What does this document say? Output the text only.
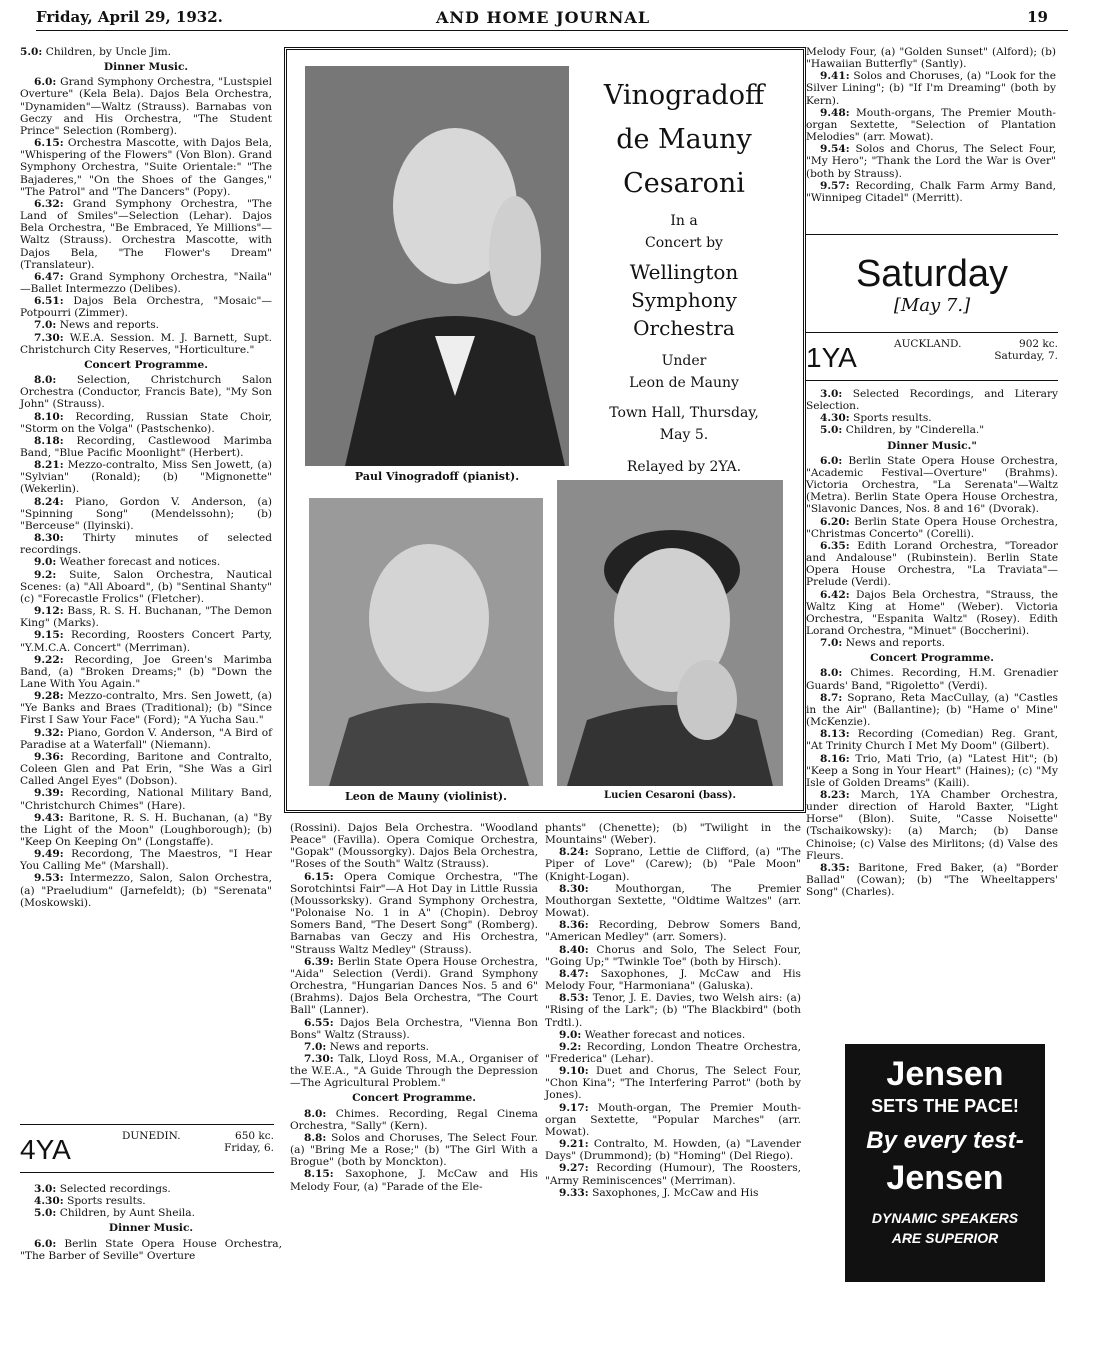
Friday, April 29, 1932.	AND HOME JOURNAL	19

5.0: Children, by Uncle Jim.

Dinner Music.

6.0: Grand Symphony Orchestra, "Lustspiel Overture" (Kela Bela). Dajos Bela Orchestra, "Dynamiden"—Waltz (Strauss). Barnabas von Geczy and His Orchestra, "The Student Prince" Selection (Romberg).

6.15: Orchestra Mascotte, with Dajos Bela, "Whispering of the Flowers" (Von Blon). Grand Symphony Orchestra, "Suite Orientale:" "The Bajaderes," "On the Shoes of the Ganges," "The Patrol" and "The Dancers" (Popy).

6.32: Grand Symphony Orchestra, "The Land of Smiles"—Selection (Lehar). Dajos Bela Orchestra, "Be Embraced, Ye Millions"—Waltz (Strauss). Orchestra Mascotte, with Dajos Bela, "The Flower's Dream" (Translateur).

6.47: Grand Symphony Orchestra, "Naila" —Ballet Intermezzo (Delibes).

6.51: Dajos Bela Orchestra, "Mosaic"—Potpourri (Zimmer).

7.0: News and reports.

7.30: W.E.A. Session. M. J. Barnett, Supt. Christchurch City Reserves, "Horticulture."

Concert Programme.

8.0: Selection, Christchurch Salon Orchestra (Conductor, Francis Bate), "My Son John" (Strauss).

8.10: Recording, Russian State Choir, "Storm on the Volga" (Pastschenko).

8.18: Recording, Castlewood Marimba Band, "Blue Pacific Moonlight" (Herbert).

8.21: Mezzo-contralto, Miss Sen Jowett, (a) "Sylvian" (Ronald); (b) "Mignonette" (Wekerlin).

8.24: Piano, Gordon V. Anderson, (a) "Spinning Song" (Mendelssohn); (b) "Berceuse" (Ilyinski).

8.30: Thirty minutes of selected recordings.

9.0: Weather forecast and notices.

9.2: Suite, Salon Orchestra, Nautical Scenes: (a) "All Aboard", (b) "Sentinal Shanty" (c) "Forecastle Frolics" (Fletcher).

9.12: Bass, R. S. H. Buchanan, "The Demon King" (Marks).

9.15: Recording, Roosters Concert Party, "Y.M.C.A. Concert" (Merriman).

9.22: Recording, Joe Green's Marimba Band, (a) "Broken Dreams;" (b) "Down the Lane With You Again."

9.28: Mezzo-contralto, Mrs. Sen Jowett, (a) "Ye Banks and Braes (Traditional); (b) "Since First I Saw Your Face" (Ford); "A Yucha Sau."

9.32: Piano, Gordon V. Anderson, "A Bird of Paradise at a Waterfall" (Niemann).

9.36: Recording, Baritone and Contralto, Coleen Glen and Pat Erin, "She Was a Girl Called Angel Eyes" (Dobson).

9.39: Recording, National Military Band, "Christchurch Chimes" (Hare).

9.43: Baritone, R. S. H. Buchanan, (a) "By the Light of the Moon" (Loughborough); (b) "Keep On Keeping On" (Longstaffe).

9.49: Recordong, The Maestros, "I Hear You Calling Me" (Marshall).

9.53: Intermezzo, Salon, Salon Orchestra, (a) "Praeludium" (Jarnefeldt); (b) "Serenata" (Moskowski).

4YA	DUNEDIN.	650 kc.
Friday, 6.

3.0: Selected recordings.

4.30: Sports results.

5.0: Children, by Aunt Sheila.

Dinner Music.

6.0: Berlin State Opera House Orchestra, "The Barber of Seville" Overture

Paul Vinogradoff (pianist).
Vinogradoff
de Mauny
Cesaroni
In a
Concert by
Wellington
Symphony
Orchestra
Under
Leon de Mauny
Town Hall, Thursday,
May 5.
Relayed by 2YA.
Leon de Mauny (violinist).	Lucien Cesaroni (bass).

(Rossini). Dajos Bela Orchestra. "Woodland Peace" (Favilla). Opera Comique Orchestra, "Gopak" (Moussorgky). Dajos Bela Orchestra, "Roses of the South" Waltz (Strauss).

6.15: Opera Comique Orchestra, "The Sorotchintsi Fair"—A Hot Day in Little Russia (Moussorksky). Grand Symphony Orchestra, "Polonaise No. 1 in A" (Chopin). Debroy Somers Band, "The Desert Song" (Romberg). Barnabas van Geczy and His Orchestra, "Strauss Waltz Medley" (Strauss).

6.39: Berlin State Opera House Orchestra, "Aida" Selection (Verdi). Grand Symphony Orchestra, "Hungarian Dances Nos. 5 and 6" (Brahms). Dajos Bela Orchestra, "The Court Ball" (Lanner).

6.55: Dajos Bela Orchestra, "Vienna Bon Bons" Waltz (Strauss).

7.0: News and reports.

7.30: Talk, Lloyd Ross, M.A., Organiser of the W.E.A., "A Guide Through the Depression—The Agricultural Problem."

Concert Programme.

8.0: Chimes. Recording, Regal Cinema Orchestra, "Sally" (Kern).

8.8: Solos and Choruses, The Select Four. (a) "Bring Me a Rose;" (b) "The Girl With a Brogue" (both by Monckton).

8.15: Saxophone, J. McCaw and His Melody Four, (a) "Parade of the Ele-

phants" (Chenette); (b) "Twilight in the Mountains" (Weber).

8.24: Soprano, Lettie de Clifford, (a) "The Piper of Love" (Carew); (b) "Pale Moon" (Knight-Logan).

8.30: Mouthorgan, The Premier Mouthorgan Sextette, "Oldtime Waltzes" (arr. Mowat).

8.36: Recording, Debrow Somers Band, "American Medley" (arr. Somers).

8.40: Chorus and Solo, The Select Four, "Going Up;" "Twinkle Toe" (both by Hirsch).

8.47: Saxophones, J. McCaw and His Melody Four, "Harmoniana" (Galuska).

8.53: Tenor, J. E. Davies, two Welsh airs: (a) "Rising of the Lark"; (b) "The Blackbird" (both Trdtl.).

9.0: Weather forecast and notices.

9.2: Recording, London Theatre Orchestra, "Frederica" (Lehar).

9.10: Duet and Chorus, The Select Four, "Chon Kina"; "The Interfering Parrot" (both by Jones).

9.17: Mouth-organ, The Premier Mouth-organ Sextette, "Popular Marches" (arr. Mowat).

9.21: Contralto, M. Howden, (a) "Lavender Days" (Drummond); (b) "Homing" (Del Riego).

9.27: Recording (Humour), The Roosters, "Army Reminiscences" (Merriman).

9.33: Saxophones, J. McCaw and His

Melody Four, (a) "Golden Sunset" (Alford); (b) "Hawaiian Butterfly" (Santly).

9.41: Solos and Choruses, (a) "Look for the Silver Lining"; (b) "If I'm Dreaming" (both by Kern).

9.48: Mouth-organs, The Premier Mouth-organ Sextette, "Selection of Plantation Melodies" (arr. Mowat).

9.54: Solos and Chorus, The Select Four, "My Hero"; "Thank the Lord the War is Over" (both by Strauss).

9.57: Recording, Chalk Farm Army Band, "Winnipeg Citadel" (Merritt).

Saturday
[May 7.]
1YA	AUCKLAND.	902 kc.
Saturday, 7.

3.0: Selected Recordings, and Literary Selection.

4.30: Sports results.

5.0: Children, by "Cinderella."

Dinner Music."

6.0: Berlin State Opera House Orchestra, "Academic Festival—Overture" (Brahms). Victoria Orchestra, "La Serenata"—Waltz (Metra). Berlin State Opera House Orchestra, "Slavonic Dances, Nos. 8 and 16" (Dvorak).

6.20: Berlin State Opera House Orchestra, "Christmas Concerto" (Corelli).

6.35: Edith Lorand Orchestra, "Toreador and Andalouse" (Rubinstein). Berlin State Opera House Orchestra, "La Traviata"—Prelude (Verdi).

6.42: Dajos Bela Orchestra, "Strauss, the Waltz King at Home" (Weber). Victoria Orchestra, "Espanita Waltz" (Rosey). Edith Lorand Orchestra, "Minuet" (Boccherini).

7.0: News and reports.

Concert Programme.

8.0: Chimes. Recording, H.M. Grenadier Guards' Band, "Rigoletto" (Verdi).

8.7: Soprano, Reta MacCullay, (a) "Castles in the Air" (Ballantine); (b) "Hame o' Mine" (McKenzie).

8.13: Recording (Comedian) Reg. Grant, "At Trinity Church I Met My Doom" (Gilbert).

8.16: Trio, Mati Trio, (a) "Latest Hit"; (b) "Keep a Song in Your Heart" (Haines); (c) "My Isle of Golden Dreams" (Kaili).

8.23: March, 1YA Chamber Orchestra, under direction of Harold Baxter, "Light Horse" (Blon). Suite, "Casse Noisette" (Tschaikowsky): (a) March; (b) Danse Chinoise; (c) Valse des Mirlitons; (d) Valse des Fleurs.

8.35: Baritone, Fred Baker, (a) "Border Ballad" (Cowan); (b) "The Wheeltappers' Song" (Charles).

Jensen
SETS THE PACE!
By every test-
Jensen
DYNAMIC SPEAKERS
ARE SUPERIOR
